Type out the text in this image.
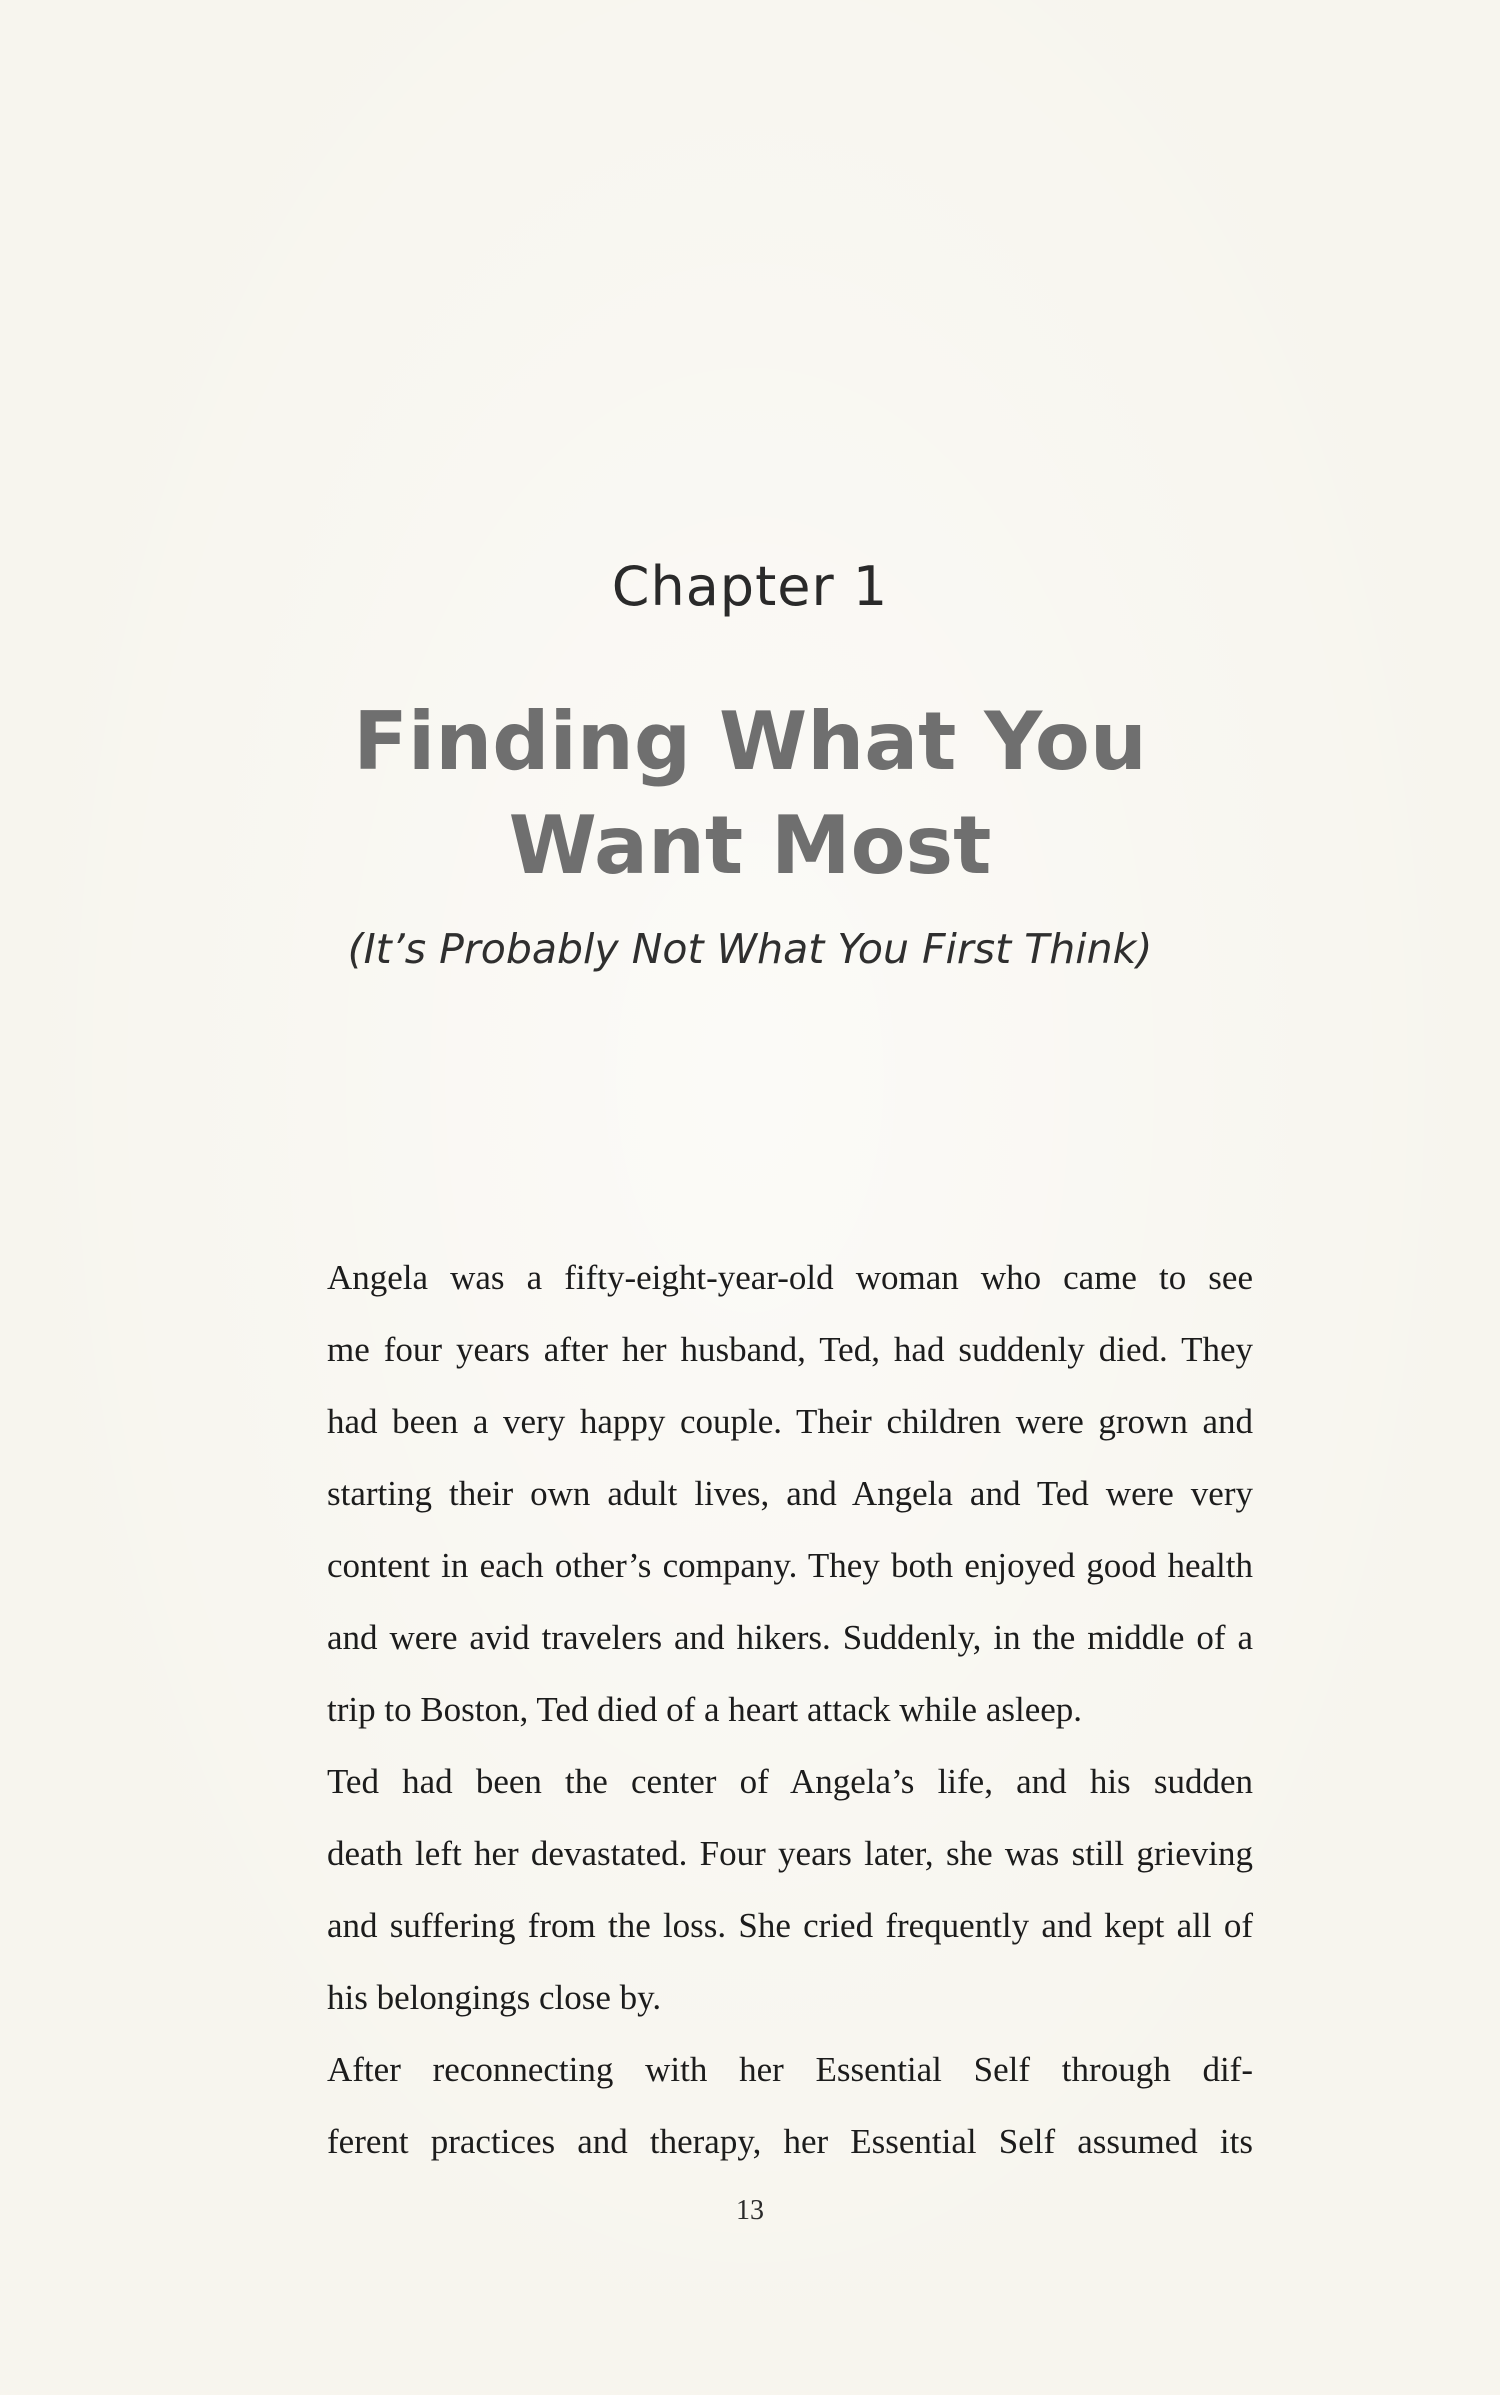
Chapter 1
Finding What You
Want Most

(It’s Probably Not What You First Think)

Angela was a fifty-eight-year-old woman who came to see
me four years after her husband, Ted, had suddenly died. They
had been a very happy couple. Their children were grown and
starting their own adult lives, and Angela and Ted were very
content in each other’s company. They both enjoyed good health
and were avid travelers and hikers. Suddenly, in the middle of a
trip to Boston, Ted died of a heart attack while asleep.
Ted had been the center of Angela’s life, and his sudden
death left her devastated. Four years later, she was still grieving
and suffering from the loss. She cried frequently and kept all of
his belongings close by.
After reconnecting with her Essential Self through dif-
ferent practices and therapy, her Essential Self assumed its

13
